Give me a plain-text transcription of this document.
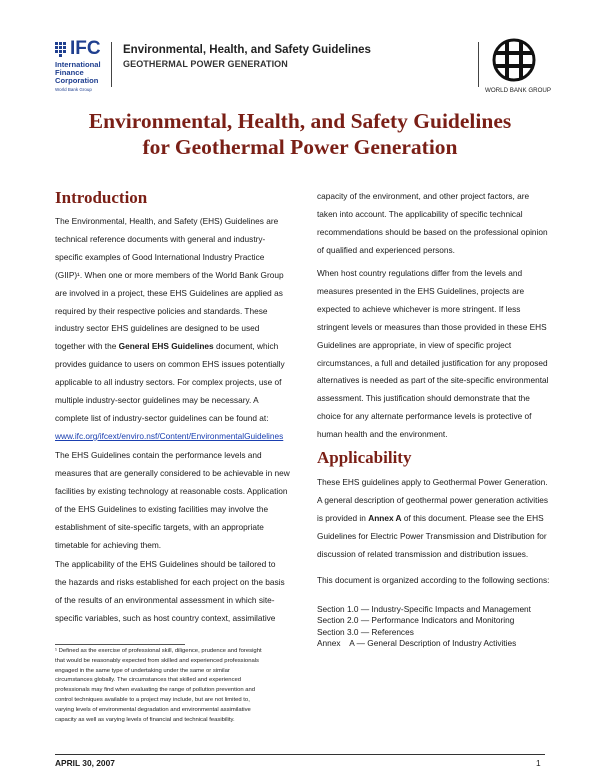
IFC
International
Finance
Corporation
World Bank Group
Environmental, Health, and Safety Guidelines
GEOTHERMAL POWER GENERATION
WORLD BANK GROUP
Environmental, Health, and Safety Guidelines
for Geothermal Power Generation
Introduction
The Environmental, Health, and Safety (EHS) Guidelines are
technical reference documents with general and industry-
specific examples of Good International Industry Practice
(GIIP)¹. When one or more members of the World Bank Group
are involved in a project, these EHS Guidelines are applied as
required by their respective policies and standards. These
industry sector EHS guidelines are designed to be used
together with the General EHS Guidelines document, which
provides guidance to users on common EHS issues potentially
applicable to all industry sectors. For complex projects, use of
multiple industry-sector guidelines may be necessary. A
complete list of industry-sector guidelines can be found at:
www.ifc.org/ifcext/enviro.nsf/Content/EnvironmentalGuidelines
The EHS Guidelines contain the performance levels and
measures that are generally considered to be achievable in new
facilities by existing technology at reasonable costs. Application
of the EHS Guidelines to existing facilities may involve the
establishment of site-specific targets, with an appropriate
timetable for achieving them.
The applicability of the EHS Guidelines should be tailored to
the hazards and risks established for each project on the basis
of the results of an environmental assessment in which site-
specific variables, such as host country context, assimilative
¹ Defined as the exercise of professional skill, diligence, prudence and foresight
that would be reasonably expected from skilled and experienced professionals
engaged in the same type of undertaking under the same or similar
circumstances globally. The circumstances that skilled and experienced
professionals may find when evaluating the range of pollution prevention and
control techniques available to a project may include, but are not limited to,
varying levels of environmental degradation and environmental assimilative
capacity as well as varying levels of financial and technical feasibility.
capacity of the environment, and other project factors, are
taken into account. The applicability of specific technical
recommendations should be based on the professional opinion
of qualified and experienced persons.
When host country regulations differ from the levels and
measures presented in the EHS Guidelines, projects are
expected to achieve whichever is more stringent. If less
stringent levels or measures than those provided in these EHS
Guidelines are appropriate, in view of specific project
circumstances, a full and detailed justification for any proposed
alternatives is needed as part of the site-specific environmental
assessment. This justification should demonstrate that the
choice for any alternate performance levels is protective of
human health and the environment.
Applicability
These EHS guidelines apply to Geothermal Power Generation.
A general description of geothermal power generation activities
is provided in Annex A of this document. Please see the EHS
Guidelines for Electric Power Transmission and Distribution for
discussion of related transmission and distribution issues.
This document is organized according to the following sections:
Section 1.0 — Industry-Specific Impacts and Management
Section 2.0 — Performance Indicators and Monitoring
Section 3.0 — References
Annex    A — General Description of Industry Activities
APRIL 30, 2007	1
